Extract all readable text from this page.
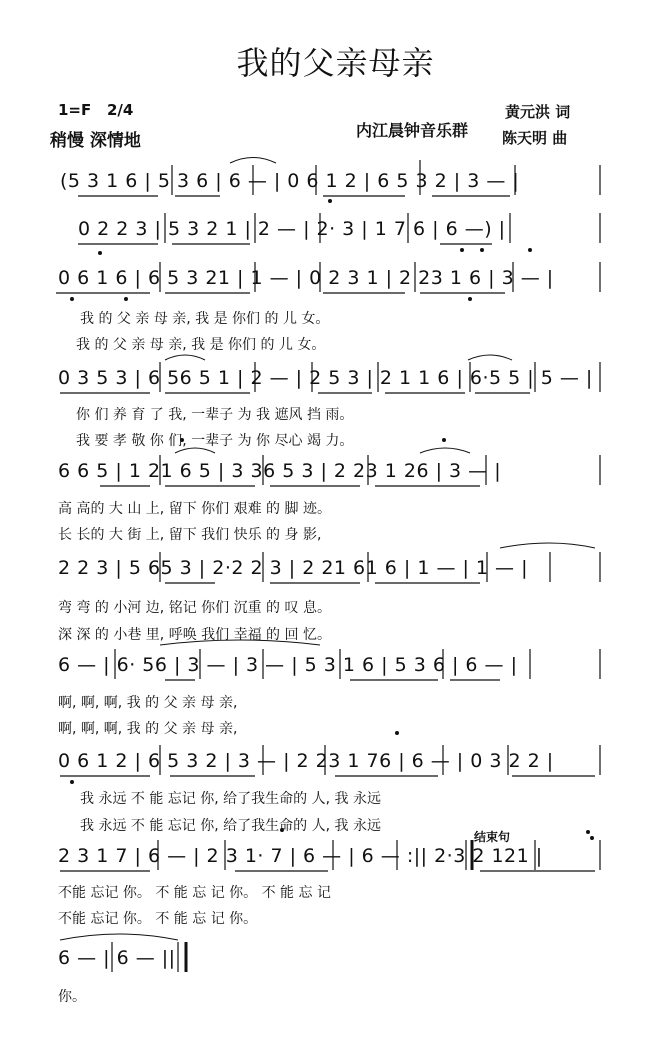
我的父亲母亲
1=F 2/4
稍慢 深情地
内江晨钟音乐群
黄元洪 词
陈天明 曲
(5 3 1 6 | 5 3 6 | 6 — | 0 6 1 2 | 6 5 3 2 | 3 — |
0 2 2 3 | 5 3 2 1 | 2 — | 2· 3 | 1 7 6 | 6 —) |
0 6 1 6 | 6 5 3 21 | 1 — | 0 2 3 1 | 2 23 1 6 | 3 — |
我 的 父 亲 母 亲, 我 是 你们 的 儿 女。
我 的 父 亲 母 亲, 我 是 你们 的 儿 女。
0 3 5 3 | 6 56 5 1 | 2 — | 2 5 3 | 2 1 1 6 | 6·5 5 | 5 — |
你 们 养 育 了 我, 一辈子 为 我 遮风 挡 雨。
我 要 孝 敬 你 们, 一辈子 为 你 尽心 竭 力。
6 6 5 | 1 21 6 5 | 3 36 5 3 | 2 23 1 26 | 3 — |
高 高的 大 山 上, 留下 你们 艰难 的 脚 迹。
长 长的 大 街 上, 留下 我们 快乐 的 身 影,
2 2 3 | 5 65 3 | 2·2 2 3 | 2 21 61 6 | 1 — | 1 — |
弯 弯 的 小河 边, 铭记 你们 沉重 的 叹 息。
深 深 的 小巷 里, 呼唤 我们 幸福 的 回 忆。
6 — | 6· 56 | 3 — | 3 — | 5 3 1 6 | 5 3 6 | 6 — |
啊, 啊, 啊, 我 的 父 亲 母 亲,
啊, 啊, 啊, 我 的 父 亲 母 亲,
0 6 1 2 | 6 5 3 2 | 3 — | 2 23 1 76 | 6 — | 0 3 2 2 |
我 永远 不 能 忘记 你, 给了我生命的 人, 我 永远
我 永远 不 能 忘记 你, 给了我生命的 人, 我 永远
结束句
2 3 1 7 | 6 — | 2 3 1· 7 | 6 — | 6 — :|| 2·3 2 121 |
不能 忘记 你。 不 能 忘 记 你。 不 能 忘 记
不能 忘记 你。 不 能 忘 记 你。
6 — | 6 — ||
你。
